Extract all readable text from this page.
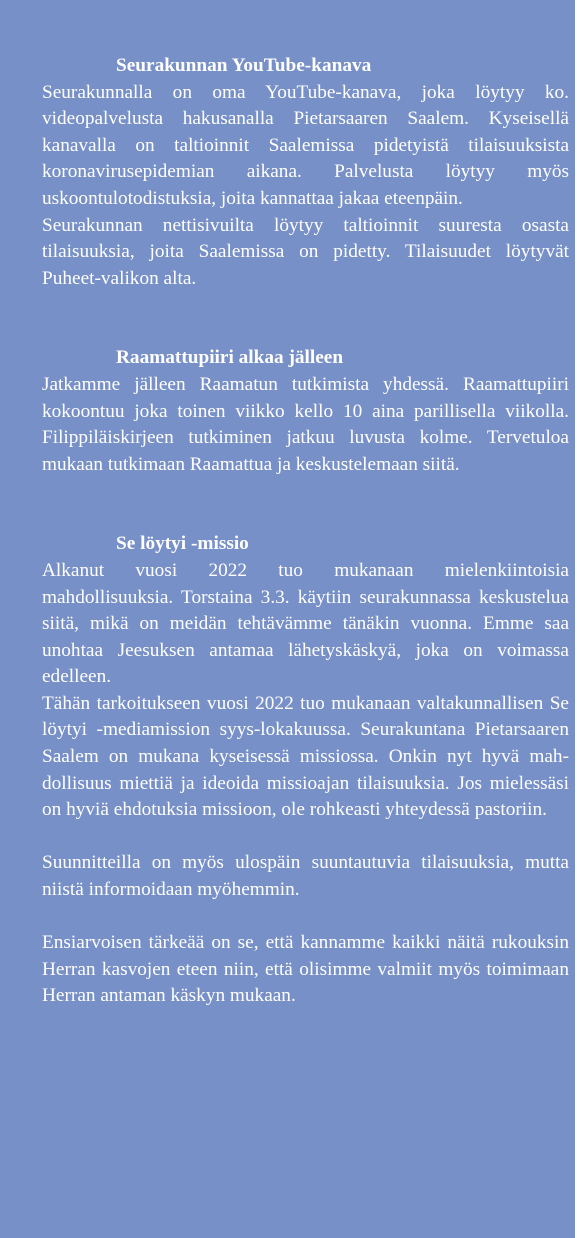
Seurakunnan YouTube-kanava

Seurakunnalla on oma YouTube-kanava, joka löytyy ko. videopalvelusta hakusanalla Pietarsaaren Saalem. Kyseisellä kanavalla on taltioinnit Saalemissa pidetyistä tilaisuuksista koronavirusepidemian aikana. Palvelusta löytyy myös uskoontulotodistuksia, joita kannattaa jakaa eteenpäin.

Seurakunnan nettisivuilta löytyy taltioinnit suuresta osasta tilaisuuksia, joita Saalemissa on pidetty. Tilaisuudet löytyvät Puheet-valikon alta.

Raamattupiiri alkaa jälleen

Jatkamme jälleen Raamatun tutkimista yhdessä. Raamattupiiri kokoontuu joka toinen viikko kello 10 aina parillisella viikolla. Filippiläiskirjeen tutkiminen jatkuu luvusta kolme. Tervetuloa mukaan tutkimaan Raamattua ja keskustelemaan siitä.

Se löytyi -missio

Alkanut vuosi 2022 tuo mukanaan mielenkiintoisia mahdollisuuksia. Torstaina 3.3. käytiin seurakunnassa keskustelua siitä, mikä on meidän tehtävämme tänäkin vuonna. Emme saa unohtaa Jeesuksen antamaa lähetyskäskyä, joka on voimassa edelleen.

Tähän tarkoitukseen vuosi 2022 tuo mukanaan valtakunnallisen Se löytyi -mediamission syys-lokakuussa. Seurakuntana Pietarsaaren Saalem on mukana kyseisessä missiossa. Onkin nyt hyvä mahdollisuus miettiä ja ideoida missioajan tilaisuuksia. Jos mielessäsi on hyviä ehdotuksia missioon, ole rohkeasti yhteydessä pastoriin.

Suunnitteilla on myös ulospäin suuntautuvia tilaisuuksia, mutta niistä informoidaan myöhemmin.

Ensiarvoisen tärkeää on se, että kannamme kaikki näitä rukouksin Herran kasvojen eteen niin, että olisimme valmiit myös toimimaan Herran antaman käskyn mukaan.
